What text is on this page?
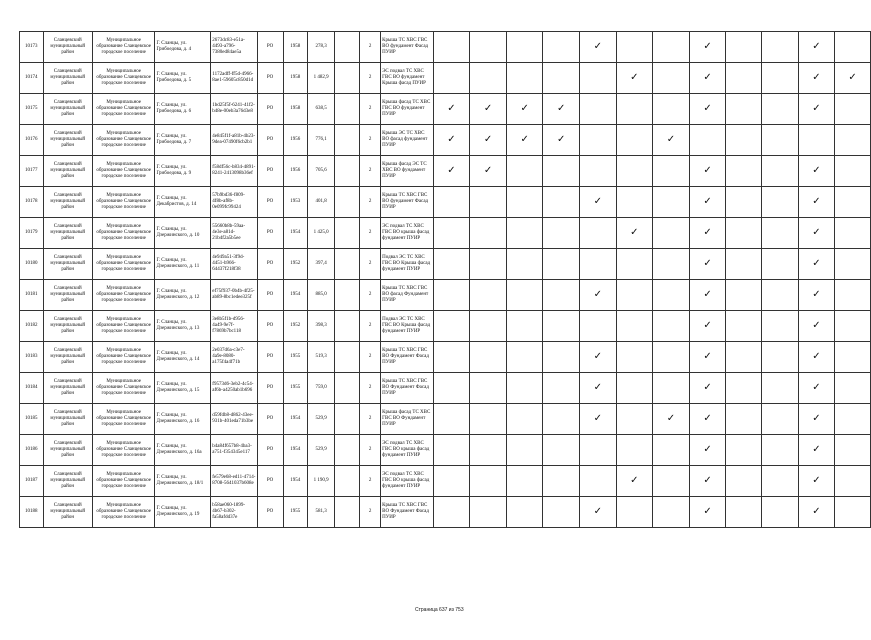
10173	Сланцевский муниципальный район	Муниципальное образование Сланцевское городское поселение	Г. Сланцы, ул. Грибоедова, д. 4	2673dc83-e51a-4493-a796-7380ed84ae5a	РО	1958	278,3		2	Крыша ТС ХВС ГВС ВО фундамент Фасад ПУИР					✓			✓			✓	
10174	Сланцевский муниципальный район	Муниципальное образование Сланцевское городское поселение	Г. Сланцы, ул. Грибоедова, д. 5	1172adff-ff5d-4966-8ae1-59605c850d1d	РО	1958	1 482,9		2	ЭС подвал ТС ХВС ГВС ВО фундамент Крыша фасад ПУИР						✓		✓			✓	✓
10175	Сланцевский муниципальный район	Муниципальное образование Сланцевское городское поселение	Г. Сланцы, ул. Грибоедова, д. 6	1bd25f5f-6241-41f2-b48e-00eb3a76d3e8	РО	1958	638,5		2	Крыша фасад ТС ХВС ГВС ВО фундамент ПУИР	✓	✓	✓	✓				✓			✓	
10176	Сланцевский муниципальный район	Муниципальное образование Сланцевское городское поселение	Г. Сланцы, ул. Грибоедова, д. 7	4e845f1f-a81b-4b23-9dea-07490f6cb2b1	РО	1956	776,1		2	Крыша ЭС ТС ХВС ВО фасад фундамент ПУИР	✓	✓	✓	✓			✓					
10177	Сланцевский муниципальный район	Муниципальное образование Сланцевское городское поселение	Г. Сланцы, ул. Грибоедова, д. 9	f58df56c-b834-4891-8241-2413098b36ef	РО	1956	705,6		2	Крыша фасад ЭС ТС ХВС ВО фундамент ПУИР	✓	✓						✓			✓	
10178	Сланцевский муниципальный район	Муниципальное образование Сланцевское городское поселение	Г. Сланцы, ул. Декабристов, д. 14	57b9bd36-f809-4f8b-af8b-0e099fc99424	РО	1953	401,8		2	Крыша ТС ХВС ГВС ВО фундамент Фасад ПУИР					✓			✓			✓	
10179	Сланцевский муниципальный район	Муниципальное образование Сланцевское городское поселение	Г. Сланцы, ул. Дзержинского, д. 10	55660b8b-59aa-4e3e-a81d-21b4f2a5b5ee	РО	1954	1 425,0		2	ЭС подвал ТС ХВС ГВС ВО крыша фасад фундамент ПУИР						✓		✓			✓	
10180	Сланцевский муниципальный район	Муниципальное образование Сланцевское городское поселение	Г. Сланцы, ул. Дзержинского, д. 11	4e949a51-3f9d-4451-b966-64437f218f38	РО	1952	397,4		2	Подвал ЭС ТС ХВС ГВС ВО Крыша фасад фундамент ПУИР								✓			✓	
10181	Сланцевский муниципальный район	Муниципальное образование Сланцевское городское поселение	Г. Сланцы, ул. Дзержинского, д. 12	ef75f937-0b4b-4f25-ab89-8bc1edee325f	РО	1954	885,0		2	Крыша ТС ХВС ГВС ВО фасад Фундамент ПУИР					✓			✓			✓	
10182	Сланцевский муниципальный район	Муниципальное образование Сланцевское городское поселение	Г. Сланцы, ул. Дзержинского, д. 13	3e8b5f1b-d956-4a49-9e7f-f7869b7bc118	РО	1952	398,3		2	Подвал ЭС ТС ХВС ГВС ВО Крыша фасад фундамент ПУИР								✓			✓	
10183	Сланцевский муниципальный район	Муниципальное образование Сланцевское городское поселение	Г. Сланцы, ул. Дзержинского, д. 14	2e037d6a-c3e7-4a9e-8080-a175f4a4f71b	РО	1955	519,3		2	Крыша ТС ХВС ГВС ВО Фундамент Фасад ПУИР					✓			✓			✓	
10184	Сланцевский муниципальный район	Муниципальное образование Сланцевское городское поселение	Г. Сланцы, ул. Дзержинского, д. 15	f9573d6-3eb2-4c54-af6b-a4250ab1b696	РО	1955	759,0		2	Крыша ТС ХВС ГВС ВО Фундамент Фасад ПУИР					✓			✓			✓	
10185	Сланцевский муниципальный район	Муниципальное образование Сланцевское городское поселение	Г. Сланцы, ул. Дзержинского, д. 16	d59fdb8-d862-43ee-931b-401eda71b3be	РО	1954	529,9		2	Крыша фасад ТС ХВС ГВС ВО Фундамент ПУИР					✓		✓	✓			✓	
10186	Сланцевский муниципальный район	Муниципальное образование Сланцевское городское поселение	Г. Сланцы, ул. Дзержинского, д. 16а	b4a84f657b8-4ba3-a751-f354345e117	РО	1954	529,9		2	ЭС подвал ТС ХВС ГВС ВО крыша фасад фундамент ПУИР								✓			✓	
10187	Сланцевский муниципальный район	Муниципальное образование Сланцевское городское поселение	Г. Сланцы, ул. Дзержинского, д. 18/1	fe579e68-ed11-4714-8708-5641037b608e	РО	1954	1 190,9		2	ЭС подвал ТС ХВС ГВС ВО крыша фасад фундамент ПУИР						✓		✓			✓	
10188	Сланцевский муниципальный район	Муниципальное образование Сланцевское городское поселение	Г. Сланцы, ул. Дзержинского, д. 19	b58ae060-1899-4b67-b302-fa58afdd37e	РО	1955	581,3		2	Крыша ТС ХВС ГВС ВО Фундамент Фасад ПУИР					✓			✓			✓	
Страница 637 из 753
